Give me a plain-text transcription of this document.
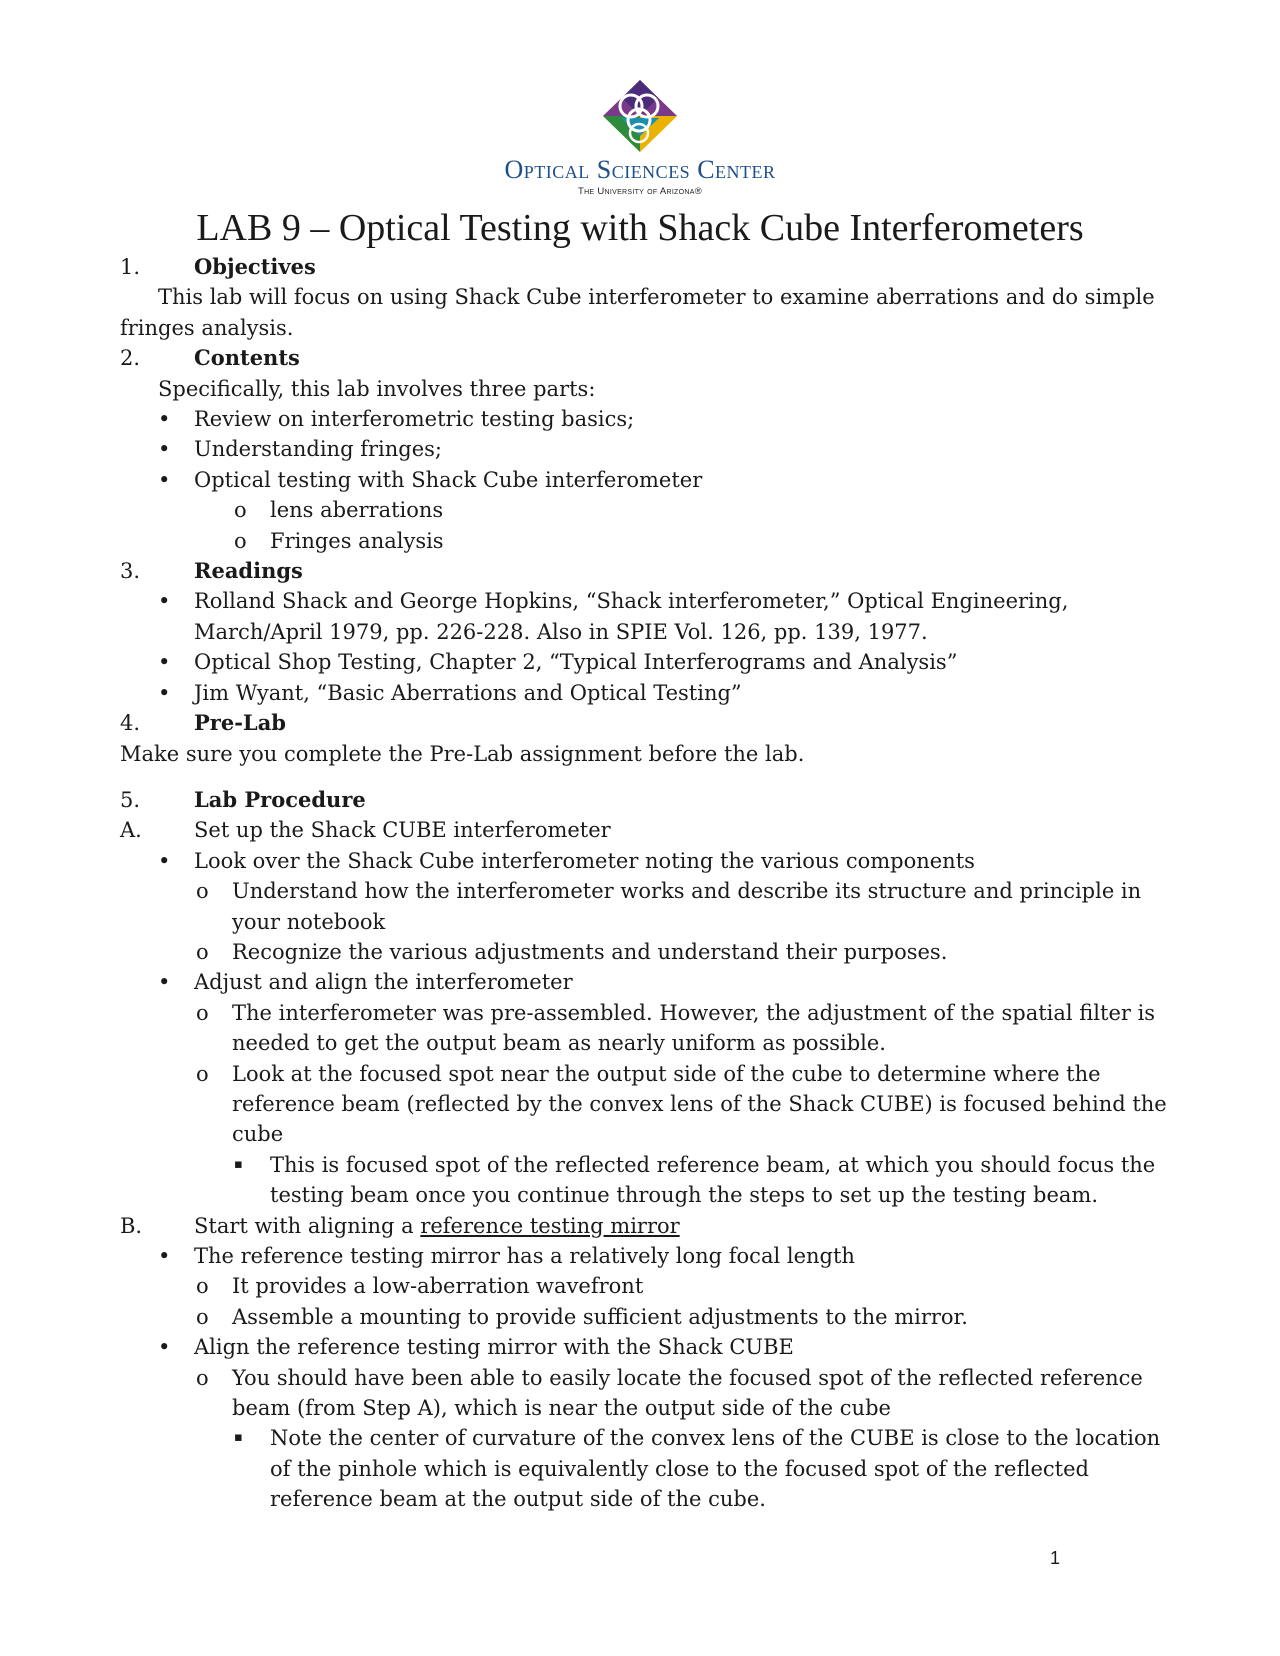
Optical Sciences Center
The University of Arizona®
LAB 9 – Optical Testing with Shack Cube Interferometers
1.	Objectives
This lab will focus on using Shack Cube interferometer to examine aberrations and do simple fringes analysis.
2.	Contents
Specifically, this lab involves three parts:
•	Review on interferometric testing basics;
•	Understanding fringes;
•	Optical testing with Shack Cube interferometer
o lens aberrations
o Fringes analysis
3.	Readings
•	Rolland Shack and George Hopkins, “Shack interferometer,” Optical Engineering, March/April 1979, pp. 226-228. Also in SPIE Vol. 126, pp. 139, 1977.
•	Optical Shop Testing, Chapter 2, “Typical Interferograms and Analysis”
•	Jim Wyant, “Basic Aberrations and Optical Testing”
4.	Pre-Lab
Make sure you complete the Pre-Lab assignment before the lab.
5.	Lab Procedure
A.	Set up the Shack CUBE interferometer
•	Look over the Shack Cube interferometer noting the various components
o	Understand how the interferometer works and describe its structure and principle in your notebook
o	Recognize the various adjustments and understand their purposes.
•	Adjust and align the interferometer
o	The interferometer was pre-assembled. However, the adjustment of the spatial filter is needed to get the output beam as nearly uniform as possible.
o	Look at the focused spot near the output side of the cube to determine where the reference beam (reflected by the convex lens of the Shack CUBE) is focused behind the cube
▪ This is focused spot of the reflected reference beam, at which you should focus the testing beam once you continue through the steps to set up the testing beam.
B.	Start with aligning a reference testing mirror
•	The reference testing mirror has a relatively long focal length
o	It provides a low-aberration wavefront
o	Assemble a mounting to provide sufficient adjustments to the mirror.
•	Align the reference testing mirror with the Shack CUBE
o	You should have been able to easily locate the focused spot of the reflected reference beam (from Step A), which is near the output side of the cube
▪ Note the center of curvature of the convex lens of the CUBE is close to the location of the pinhole which is equivalently close to the focused spot of the reflected reference beam at the output side of the cube.
1
